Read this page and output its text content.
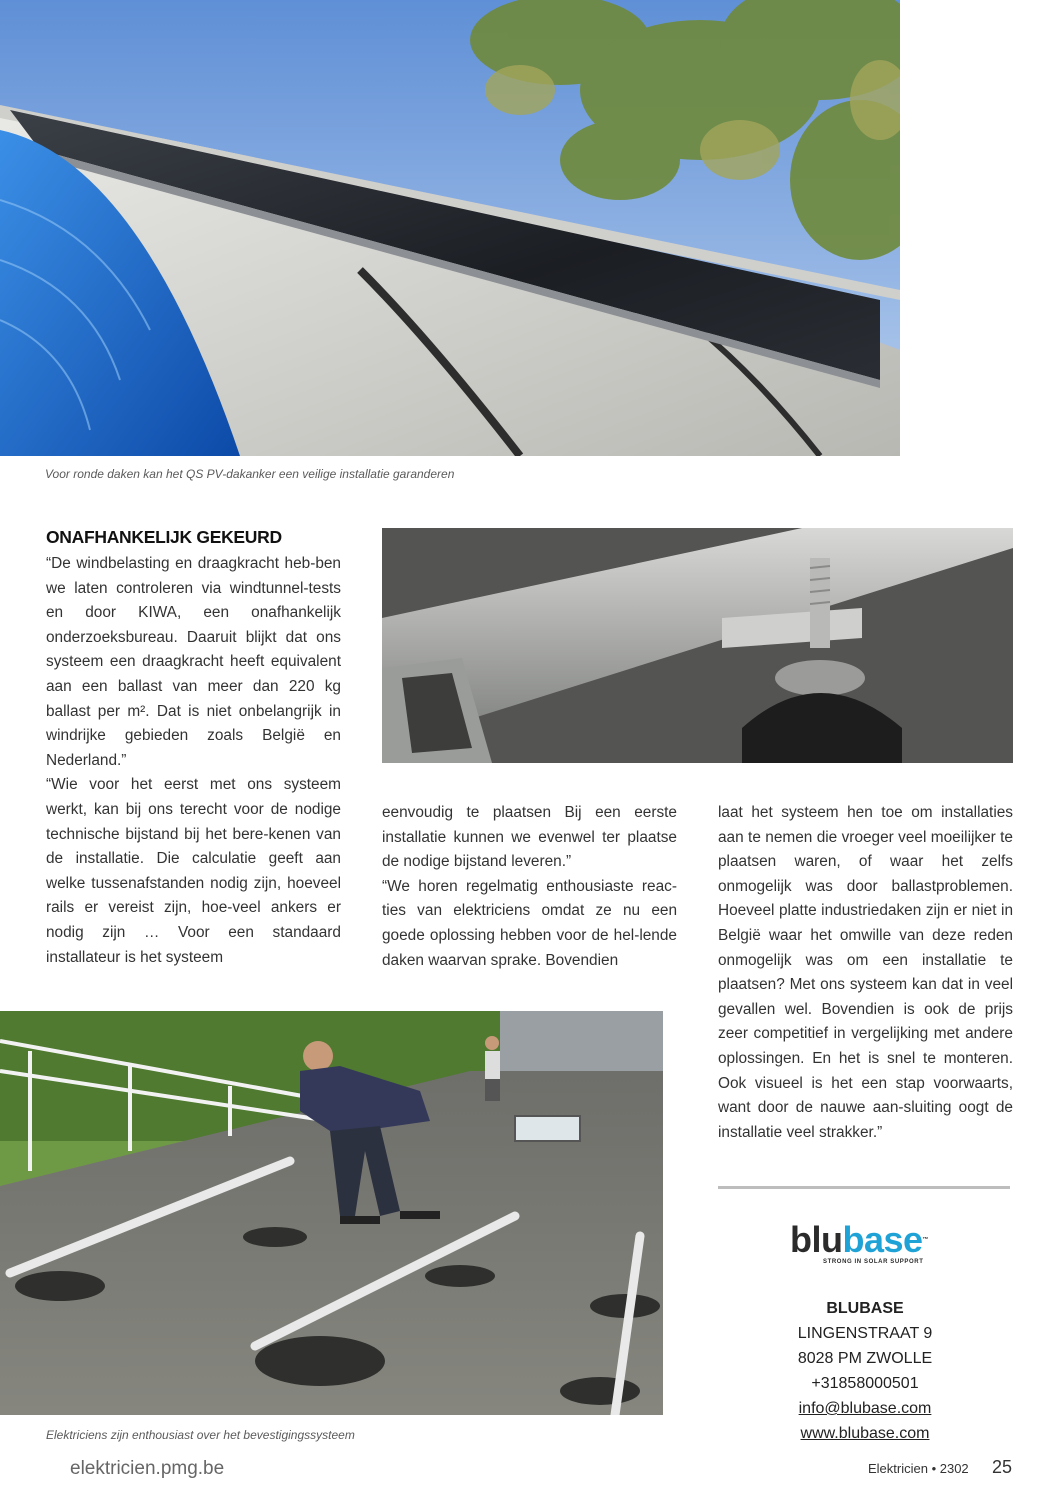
Voor ronde daken kan het QS PV-dakanker een veilige installatie garanderen
ONAFHANKELIJK GEKEURD

“De windbelasting en draagkracht heb-ben we laten controleren via windtunnel-tests en door KIWA, een onafhankelijk onderzoeksbureau. Daaruit blijkt dat ons systeem een draagkracht heeft equivalent aan een ballast van meer dan 220 kg ballast per m². Dat is niet onbelangrijk in windrijke gebieden zoals België en Nederland.”

“Wie voor het eerst met ons systeem werkt, kan bij ons terecht voor de nodige technische bijstand bij het bere-kenen van de installatie. Die calculatie geeft aan welke tussenafstanden nodig zijn, hoeveel rails er vereist zijn, hoe-veel ankers er nodig zijn … Voor een standaard installateur is het systeem

eenvoudig te plaatsen Bij een eerste installatie kunnen we evenwel ter plaatse de nodige bijstand leveren.”

“We horen regelmatig enthousiaste reac-ties van elektriciens omdat ze nu een goede oplossing hebben voor de hel-lende daken waarvan sprake. Bovendien

laat het systeem hen toe om installaties aan te nemen die vroeger veel moeilijker te plaatsen waren, of waar het zelfs onmogelijk was door ballastproblemen. Hoeveel platte industriedaken zijn er niet in België waar het omwille van deze reden onmogelijk was om een installatie te plaatsen? Met ons systeem kan dat in veel gevallen wel. Bovendien is ook de prijs zeer competitief in vergelijking met andere oplossingen. En het is snel te monteren. Ook visueel is het een stap voorwaarts, want door de nauwe aan-sluiting oogt de installatie veel strakker.”

Elektriciens zijn enthousiast over het bevestigingssysteem
blubase™
STRONG IN SOLAR SUPPORT
BLUBASE
LINGENSTRAAT 9
8028 PM ZWOLLE
+31858000501
info@blubase.com
www.blubase.com
elektricien.pmg.be	Elektricien • 2302 25
